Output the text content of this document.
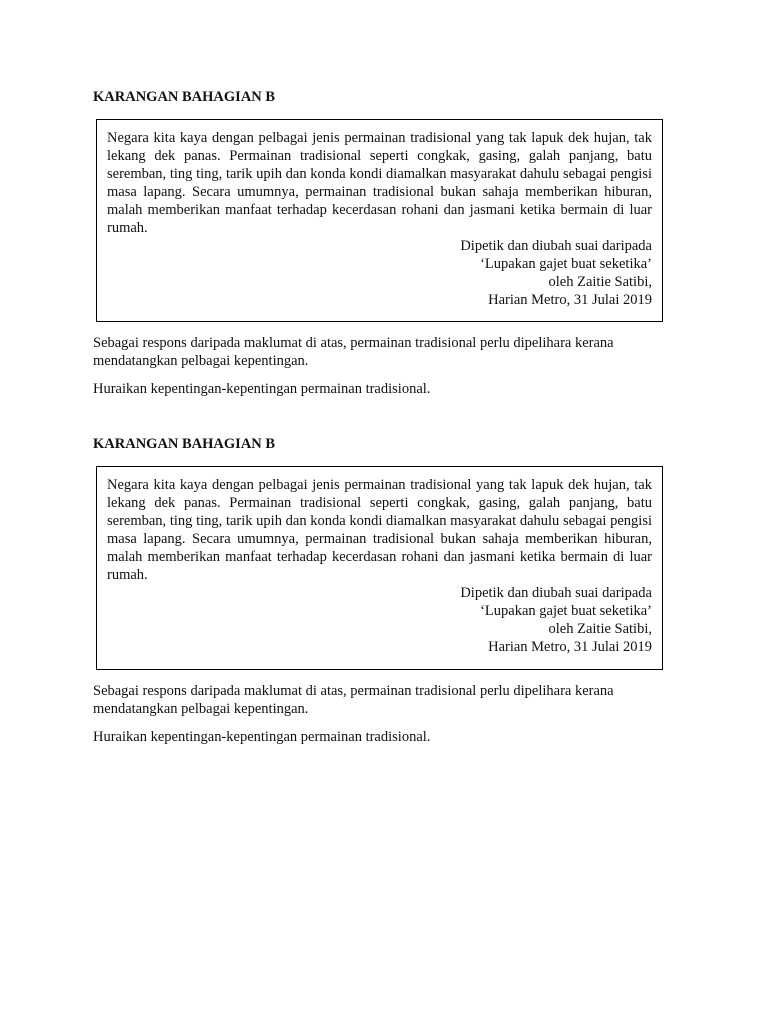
KARANGAN BAHAGIAN B

Negara kita kaya dengan pelbagai jenis permainan tradisional yang tak lapuk dek hujan, tak lekang dek panas. Permainan tradisional seperti congkak, gasing, galah panjang, batu seremban, ting ting, tarik upih dan konda kondi diamalkan masyarakat dahulu sebagai pengisi masa lapang. Secara umumnya, permainan tradisional bukan sahaja memberikan hiburan, malah memberikan manfaat terhadap kecerdasan rohani dan jasmani ketika bermain di luar rumah.

Dipetik dan diubah suai daripada
‘Lupakan gajet buat seketika’
oleh Zaitie Satibi,
Harian Metro, 31 Julai 2019

Sebagai respons daripada maklumat di atas, permainan tradisional perlu dipelihara kerana mendatangkan pelbagai kepentingan.

Huraikan kepentingan-kepentingan permainan tradisional.

KARANGAN BAHAGIAN B

Negara kita kaya dengan pelbagai jenis permainan tradisional yang tak lapuk dek hujan, tak lekang dek panas. Permainan tradisional seperti congkak, gasing, galah panjang, batu seremban, ting ting, tarik upih dan konda kondi diamalkan masyarakat dahulu sebagai pengisi masa lapang. Secara umumnya, permainan tradisional bukan sahaja memberikan hiburan, malah memberikan manfaat terhadap kecerdasan rohani dan jasmani ketika bermain di luar rumah.

Dipetik dan diubah suai daripada
‘Lupakan gajet buat seketika’
oleh Zaitie Satibi,
Harian Metro, 31 Julai 2019

Sebagai respons daripada maklumat di atas, permainan tradisional perlu dipelihara kerana mendatangkan pelbagai kepentingan.

Huraikan kepentingan-kepentingan permainan tradisional.
